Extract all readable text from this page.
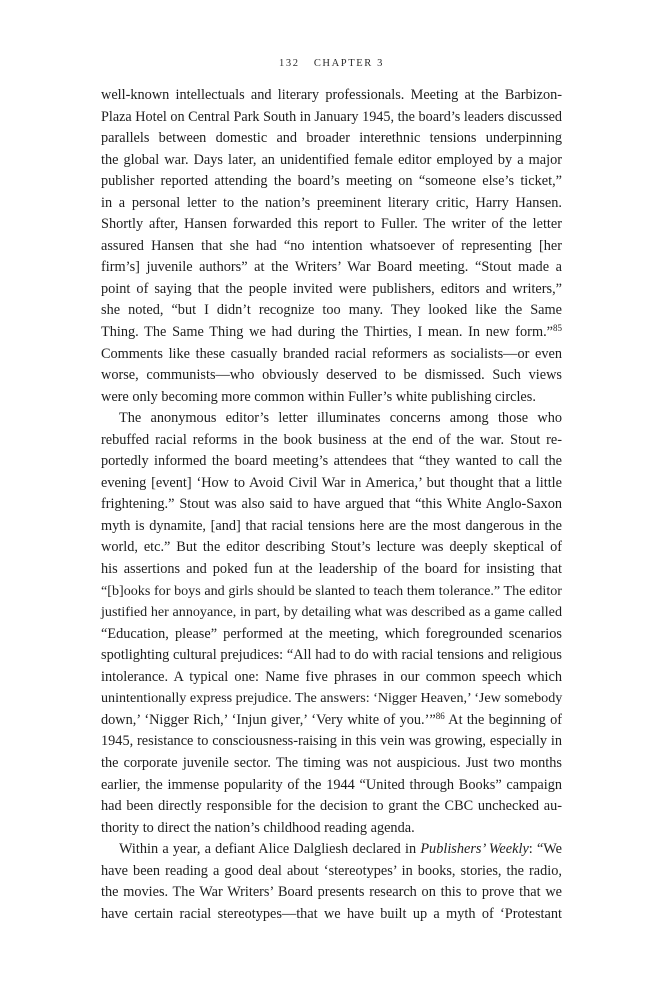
132 CHAPTER 3
well-known intellectuals and literary professionals. Meeting at the Barbizon-
Plaza Hotel on Central Park South in January 1945, the board’s leaders discussed
parallels between domestic and broader interethnic tensions underpinning
the global war. Days later, an unidentified female editor employed by a major
publisher reported attending the board’s meeting on “someone else’s ticket,”
in a personal letter to the nation’s preeminent literary critic, Harry Hansen.
Shortly after, Hansen forwarded this report to Fuller. The writer of the letter
assured Hansen that she had “no intention whatsoever of representing [her
firm’s] juvenile authors” at the Writers’ War Board meeting. “Stout made a
point of saying that the people invited were publishers, editors and writers,”
she noted, “but I didn’t recognize too many. They looked like the Same
Thing. The Same Thing we had during the Thirties, I mean. In new form.”$^{85}$
Comments like these casually branded racial reformers as socialists—or even
worse, communists—who obviously deserved to be dismissed. Such views
were only becoming more common within Fuller’s white publishing circles.
The anonymous editor’s letter illuminates concerns among those who
rebuffed racial reforms in the book business at the end of the war. Stout re-
portedly informed the board meeting’s attendees that “they wanted to call the
evening [event] ‘How to Avoid Civil War in America,’ but thought that a little
frightening.” Stout was also said to have argued that “this White Anglo-Saxon
myth is dynamite, [and] that racial tensions here are the most dangerous in the
world, etc.” But the editor describing Stout’s lecture was deeply skeptical of
his assertions and poked fun at the leadership of the board for insisting that
“[b]ooks for boys and girls should be slanted to teach them tolerance.” The editor
justified her annoyance, in part, by detailing what was described as a game called
“Education, please” performed at the meeting, which foregrounded scenarios
spotlighting cultural prejudices: “All had to do with racial tensions and religious
intolerance. A typical one: Name five phrases in our common speech which
unintentionally express prejudice. The answers: ‘Nigger Heaven,’ ‘Jew somebody
down,’ ‘Nigger Rich,’ ‘Injun giver,’ ‘Very white of you.’”$^{86}$ At the beginning of
1945, resistance to consciousness-raising in this vein was growing, especially in
the corporate juvenile sector. The timing was not auspicious. Just two months
earlier, the immense popularity of the 1944 “United through Books” campaign
had been directly responsible for the decision to grant the CBC unchecked au-
thority to direct the nation’s childhood reading agenda.
Within a year, a defiant Alice Dalgliesh declared in Publishers’ Weekly: “We
have been reading a good deal about ‘stereotypes’ in books, stories, the radio,
the movies. The War Writers’ Board presents research on this to prove that we
have certain racial stereotypes—that we have built up a myth of ‘Protestant
